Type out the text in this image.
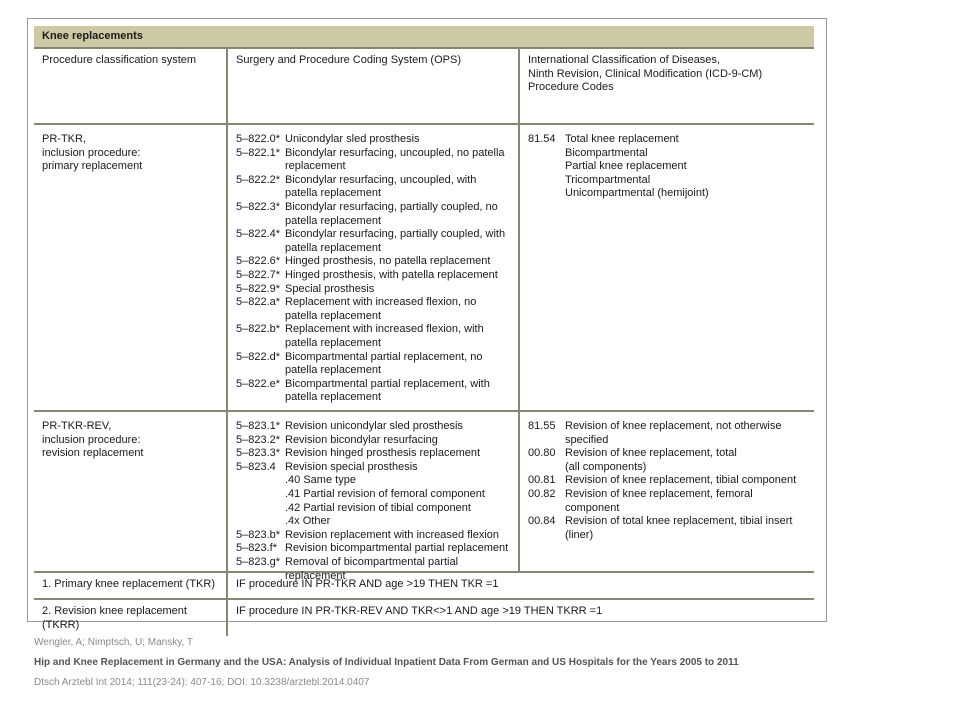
Knee replacements
Procedure classification system	Surgery and Procedure Coding System (OPS)	International Classification of Diseases,
Ninth Revision, Clinical Modification (ICD-9-CM)
Procedure Codes
PR-TKR,
inclusion procedure:
primary replacement
5–822.0* Unicondylar sled prosthesis
5–822.1* Bicondylar resurfacing, uncoupled, no patella replacement
5–822.2* Bicondylar resurfacing, uncoupled, with patella replacement
5–822.3* Bicondylar resurfacing, partially coupled, no patella replacement
5–822.4* Bicondylar resurfacing, partially coupled, with patella replacement
5–822.6* Hinged prosthesis, no patella replacement
5–822.7* Hinged prosthesis, with patella replacement
5–822.9* Special prosthesis
5–822.a* Replacement with increased flexion, no patella replacement
5–822.b* Replacement with increased flexion, with patella replacement
5–822.d* Bicompartmental partial replacement, no patella replacement
5–822.e* Bicompartmental partial replacement, with patella replacement
81.54 Total knee replacement
Bicompartmental
Partial knee replacement
Tricompartmental
Unicompartmental (hemijoint)
PR-TKR-REV,
inclusion procedure:
revision replacement
5–823.1* Revision unicondylar sled prosthesis
5–823.2* Revision bicondylar resurfacing
5–823.3* Revision hinged prosthesis replacement
5–823.4 Revision special prosthesis
.40 Same type
.41 Partial revision of femoral component
.42 Partial revision of tibial component
.4x Other
5–823.b* Revision replacement with increased flexion
5–823.f* Revision bicompartmental partial replacement
5–823.g* Removal of bicompartmental partial replacement
81.55 Revision of knee replacement, not otherwise
specified
00.80 Revision of knee replacement, total
(all components)
00.81 Revision of knee replacement, tibial component
00.82 Revision of knee replacement, femoral component
00.84 Revision of total knee replacement, tibial insert
(liner)
1. Primary knee replacement (TKR) IF procedure IN PR-TKR AND age >19 THEN TKR =1
2. Revision knee replacement
(TKRR)
IF procedure IN PR-TKR-REV AND TKR<>1 AND age >19 THEN TKRR =1
Wengler, A; Nimptsch, U; Mansky, T
Hip and Knee Replacement in Germany and the USA: Analysis of Individual Inpatient Data From German and US Hospitals for the Years 2005 to 2011
Dtsch Arztebl Int 2014; 111(23-24): 407-16; DOI: 10.3238/arztebl.2014.0407
